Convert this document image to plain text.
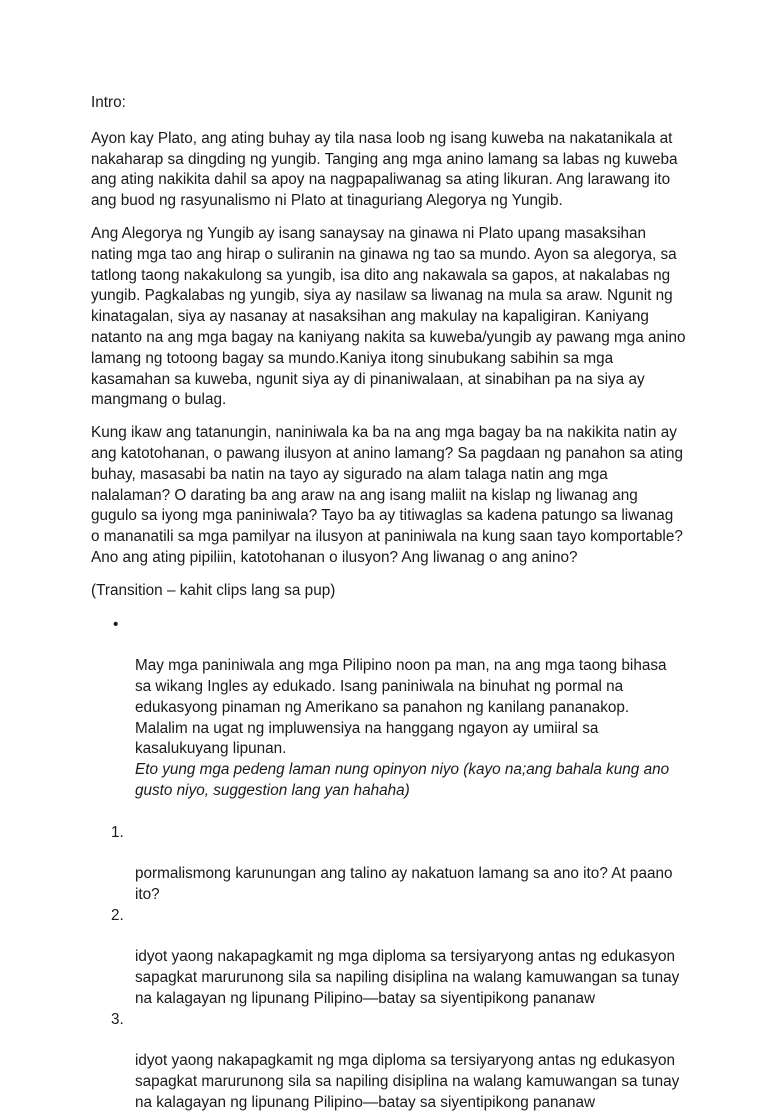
Intro:

Ayon kay Plato, ang ating buhay ay tila nasa loob ng isang kuweba na nakatanikala at
nakaharap sa dingding ng yungib. Tanging ang mga anino lamang sa labas ng kuweba
ang ating nakikita dahil sa apoy na nagpapaliwanag sa ating likuran. Ang larawang ito
ang buod ng rasyunalismo ni Plato at tinaguriang Alegorya ng Yungib.

Ang Alegorya ng Yungib ay isang sanaysay na ginawa ni Plato upang masaksihan
nating mga tao ang hirap o suliranin na ginawa ng tao sa mundo. Ayon sa alegorya, sa
tatlong taong nakakulong sa yungib, isa dito ang nakawala sa gapos, at nakalabas ng
yungib. Pagkalabas ng yungib, siya ay nasilaw sa liwanag na mula sa araw. Ngunit ng
kinatagalan, siya ay nasanay at nasaksihan ang makulay na kapaligiran. Kaniyang
natanto na ang mga bagay na kaniyang nakita sa kuweba/yungib ay pawang mga anino
lamang ng totoong bagay sa mundo.Kaniya itong sinubukang sabihin sa mga
kasamahan sa kuweba, ngunit siya ay di pinaniwalaan, at sinabihan pa na siya ay
mangmang o bulag.

Kung ikaw ang tatanungin, naniniwala ka ba na ang mga bagay ba na nakikita natin ay
ang katotohanan, o pawang ilusyon at anino lamang? Sa pagdaan ng panahon sa ating
buhay, masasabi ba natin na tayo ay sigurado na alam talaga natin ang mga
nalalaman? O darating ba ang araw na ang isang maliit na kislap ng liwanag ang
gugulo sa iyong mga paniniwala? Tayo ba ay titiwaglas sa kadena patungo sa liwanag
o mananatili sa mga pamilyar na ilusyon at paniniwala na kung saan tayo komportable?
Ano ang ating pipiliin, katotohanan o ilusyon? Ang liwanag o ang anino?

(Transition – kahit clips lang sa pup)

•

May mga paniniwala ang mga Pilipino noon pa man, na ang mga taong bihasa
sa wikang Ingles ay edukado. Isang paniniwala na binuhat ng pormal na
edukasyong pinaman ng Amerikano sa panahon ng kanilang pananakop.
Malalim na ugat ng impluwensiya na hanggang ngayon ay umiiral sa
kasalukuyang lipunan.

Eto yung mga pedeng laman nung opinyon niyo (kayo na;ang bahala kung ano
gusto niyo, suggestion lang yan hahaha)

1.

pormalismong karunungan ang talino ay nakatuon lamang sa ano ito? At paano
ito?

2.

idyot yaong nakapagkamit ng mga diploma sa tersiyaryong antas ng edukasyon
sapagkat marurunong sila sa napiling disiplina na walang kamuwangan sa tunay
na kalagayan ng lipunang Pilipino—batay sa siyentipikong pananaw

3.

idyot yaong nakapagkamit ng mga diploma sa tersiyaryong antas ng edukasyon
sapagkat marurunong sila sa napiling disiplina na walang kamuwangan sa tunay
na kalagayan ng lipunang Pilipino—batay sa siyentipikong pananaw
